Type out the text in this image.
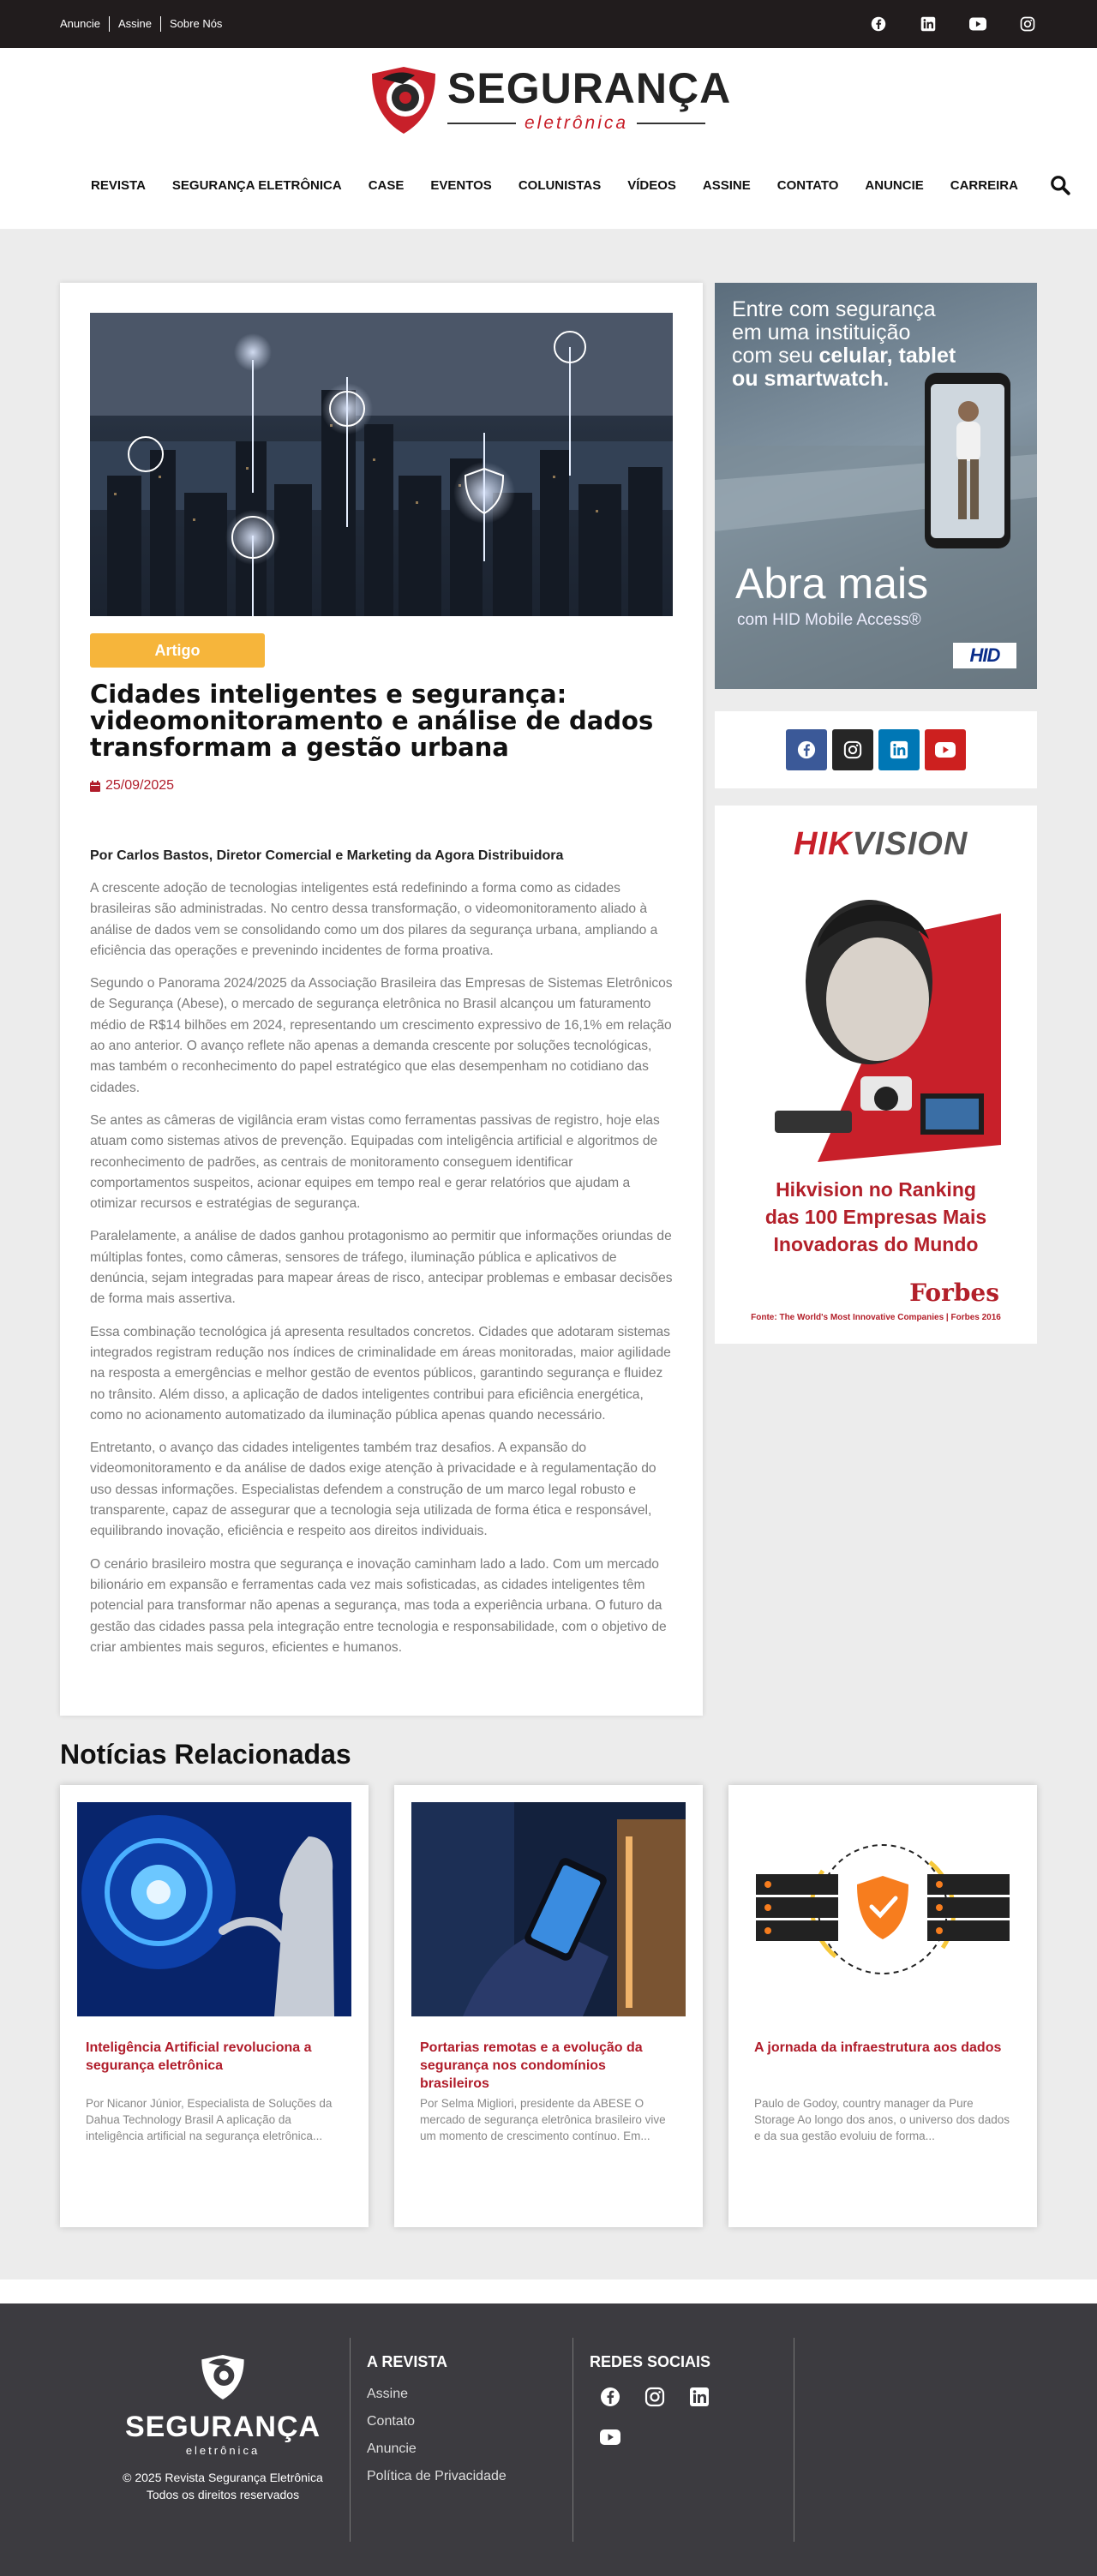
Anuncie	Assine	Sobre Nós
SEGURANÇA
eletrônica
REVISTA SEGURANÇA ELETRÔNICA CASE EVENTOS COLUNISTAS VÍDEOS ASSINE CONTATO ANUNCIE CARREIRA
Artigo
Cidades inteligentes e segurança: videomonitoramento e análise de dados transformam a gestão urbana
25/09/2025
Por Carlos Bastos, Diretor Comercial e Marketing da Agora Distribuidora

A crescente adoção de tecnologias inteligentes está redefinindo a forma como as cidades brasileiras são administradas. No centro dessa transformação, o videomonitoramento aliado à análise de dados vem se consolidando como um dos pilares da segurança urbana, ampliando a eficiência das operações e prevenindo incidentes de forma proativa.

Segundo o Panorama 2024/2025 da Associação Brasileira das Empresas de Sistemas Eletrônicos de Segurança (Abese), o mercado de segurança eletrônica no Brasil alcançou um faturamento médio de R$14 bilhões em 2024, representando um crescimento expressivo de 16,1% em relação ao ano anterior. O avanço reflete não apenas a demanda crescente por soluções tecnológicas, mas também o reconhecimento do papel estratégico que elas desempenham no cotidiano das cidades.

Se antes as câmeras de vigilância eram vistas como ferramentas passivas de registro, hoje elas atuam como sistemas ativos de prevenção. Equipadas com inteligência artificial e algoritmos de reconhecimento de padrões, as centrais de monitoramento conseguem identificar comportamentos suspeitos, acionar equipes em tempo real e gerar relatórios que ajudam a otimizar recursos e estratégias de segurança.

Paralelamente, a análise de dados ganhou protagonismo ao permitir que informações oriundas de múltiplas fontes, como câmeras, sensores de tráfego, iluminação pública e aplicativos de denúncia, sejam integradas para mapear áreas de risco, antecipar problemas e embasar decisões de forma mais assertiva.

Essa combinação tecnológica já apresenta resultados concretos. Cidades que adotaram sistemas integrados registram redução nos índices de criminalidade em áreas monitoradas, maior agilidade na resposta a emergências e melhor gestão de eventos públicos, garantindo segurança e fluidez no trânsito. Além disso, a aplicação de dados inteligentes contribui para eficiência energética, como no acionamento automatizado da iluminação pública apenas quando necessário.

Entretanto, o avanço das cidades inteligentes também traz desafios. A expansão do videomonitoramento e da análise de dados exige atenção à privacidade e à regulamentação do uso dessas informações. Especialistas defendem a construção de um marco legal robusto e transparente, capaz de assegurar que a tecnologia seja utilizada de forma ética e responsável, equilibrando inovação, eficiência e respeito aos direitos individuais.

O cenário brasileiro mostra que segurança e inovação caminham lado a lado. Com um mercado bilionário em expansão e ferramentas cada vez mais sofisticadas, as cidades inteligentes têm potencial para transformar não apenas a segurança, mas toda a experiência urbana. O futuro da gestão das cidades passa pela integração entre tecnologia e responsabilidade, com o objetivo de criar ambientes mais seguros, eficientes e humanos.

Entre com segurança
em uma instituição
com seu celular, tablet
ou smartwatch.
Abra mais
com HID Mobile Access®
HID
HIKVISION
Hikvision no Ranking
das 100 Empresas Mais
Inovadoras do Mundo
Forbes
Fonte: The World's Most Innovative Companies | Forbes 2016
Notícias Relacionadas
Inteligência Artificial revoluciona a segurança eletrônica
Por Nicanor Júnior, Especialista de Soluções da Dahua Technology Brasil A aplicação da inteligência artificial na segurança eletrônica...
Portarias remotas e a evolução da segurança nos condomínios brasileiros
Por Selma Migliori, presidente da ABESE O mercado de segurança eletrônica brasileiro vive um momento de crescimento contínuo. Em...
A jornada da infraestrutura aos dados
Paulo de Godoy, country manager da Pure Storage Ao longo dos anos, o universo dos dados e da sua gestão evoluiu de forma...
SEGURANÇA
eletrônica
© 2025 Revista Segurança Eletrônica
Todos os direitos reservados
A REVISTA
Assine
Contato
Anuncie
Política de Privacidade
REDES SOCIAIS
